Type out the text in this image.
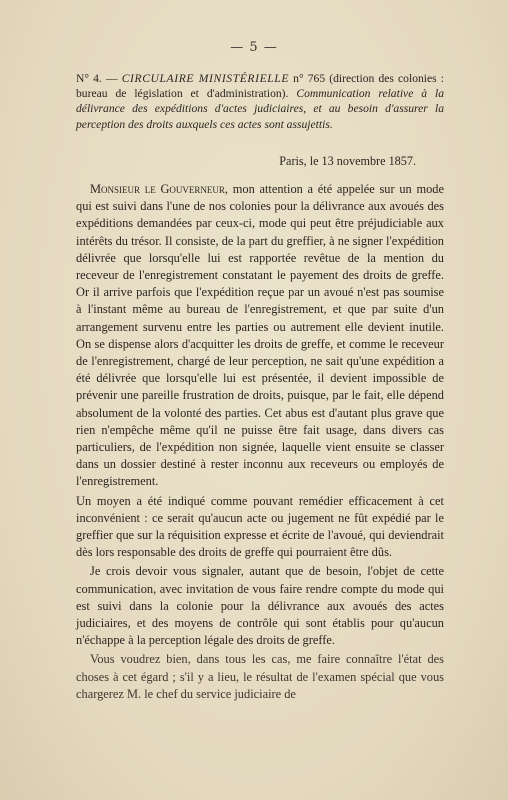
— 5 —
N° 4. — CIRCULAIRE MINISTÉRIELLE n° 765 (direction des colonies : bureau de législation et d'administration). Communication relative à la délivrance des expéditions d'actes judiciaires, et au besoin d'assurer la perception des droits auxquels ces actes sont assujettis.
Paris, le 13 novembre 1857.

Monsieur le Gouverneur, mon attention a été appelée sur un mode qui est suivi dans l'une de nos colonies pour la délivrance aux avoués des expéditions demandées par ceux-ci, mode qui peut être préjudiciable aux intérêts du trésor. Il consiste, de la part du greffier, à ne signer l'expédition délivrée que lorsqu'elle lui est rapportée revêtue de la mention du receveur de l'enregistrement constatant le payement des droits de greffe. Or il arrive parfois que l'expédition reçue par un avoué n'est pas soumise à l'instant même au bureau de l'enregistrement, et que par suite d'un arrangement survenu entre les parties ou autrement elle devient inutile. On se dispense alors d'acquitter les droits de greffe, et comme le receveur de l'enregistrement, chargé de leur perception, ne sait qu'une expédition a été délivrée que lorsqu'elle lui est présentée, il devient impossible de prévenir une pareille frustration de droits, puisque, par le fait, elle dépend absolument de la volonté des parties. Cet abus est d'autant plus grave que rien n'empêche même qu'il ne puisse être fait usage, dans divers cas particuliers, de l'expédition non signée, laquelle vient ensuite se classer dans un dossier destiné à rester inconnu aux receveurs ou employés de l'enregistrement.

Un moyen a été indiqué comme pouvant remédier efficacement à cet inconvénient : ce serait qu'aucun acte ou jugement ne fût expédié par le greffier que sur la réquisition expresse et écrite de l'avoué, qui deviendrait dès lors responsable des droits de greffe qui pourraient être dûs.

Je crois devoir vous signaler, autant que de besoin, l'objet de cette communication, avec invitation de vous faire rendre compte du mode qui est suivi dans la colonie pour la délivrance aux avoués des actes judiciaires, et des moyens de contrôle qui sont établis pour qu'aucun n'échappe à la perception légale des droits de greffe.

Vous voudrez bien, dans tous les cas, me faire connaître l'état des choses à cet égard ; s'il y a lieu, le résultat de l'examen spécial que vous chargerez M. le chef du service judiciaire de
